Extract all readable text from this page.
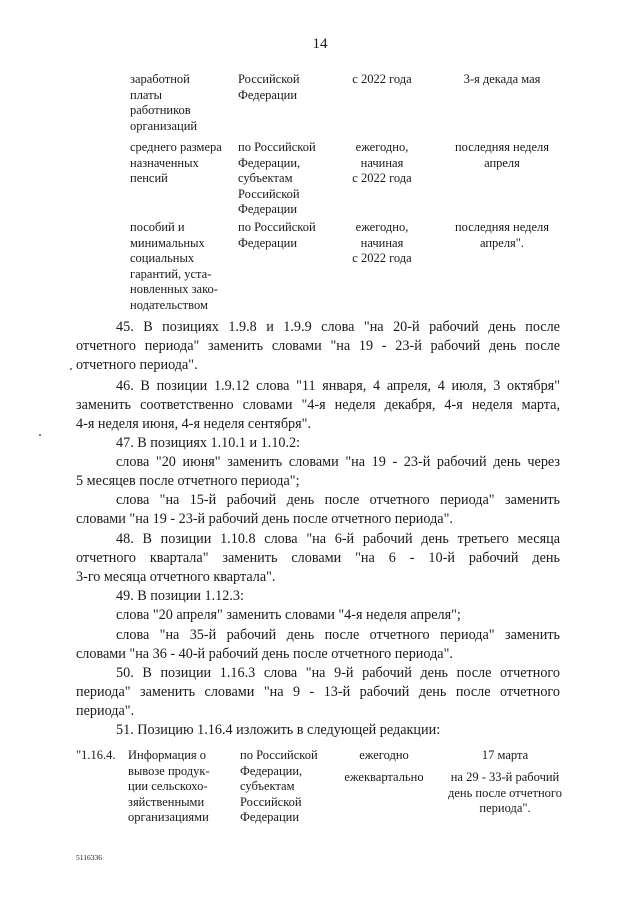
14
заработной
платы
работников
организаций
Российской
Федерации
с 2022 года	3-я декада мая
среднего размера
назначенных
пенсий
по Российской
Федерации,
субъектам
Российской
Федерации
ежегодно,
начиная
с 2022 года
последняя неделя
апреля
пособий и
минимальных
социальных
гарантий, уста-
новленных зако-
нодательством
по Российской
Федерации
ежегодно,
начиная
с 2022 года
последняя неделя
апреля".
45. В позициях 1.9.8 и 1.9.9 слова "на 20-й рабочий день после
отчетного периода" заменить словами "на 19 - 23-й рабочий день после
отчетного периода".
46. В позиции 1.9.12 слова "11 января, 4 апреля, 4 июля, 3 октября"
заменить соответственно словами "4-я неделя декабря, 4-я неделя марта,
4-я неделя июня, 4-я неделя сентября".
47. В позициях 1.10.1 и 1.10.2:
слова "20 июня" заменить словами "на 19 - 23-й рабочий день через
5 месяцев после отчетного периода";
слова "на 15-й рабочий день после отчетного периода" заменить
словами "на 19 - 23-й рабочий день после отчетного периода".
48. В позиции 1.10.8 слова "на 6-й рабочий день третьего месяца
отчетного квартала" заменить словами "на 6 - 10-й рабочий день
3-го месяца отчетного квартала".
49. В позиции 1.12.3:
слова "20 апреля" заменить словами "4-я неделя апреля";
слова "на 35-й рабочий день после отчетного периода" заменить
словами "на 36 - 40-й рабочий день после отчетного периода".
50. В позиции 1.16.3 слова "на 9-й рабочий день после отчетного
периода" заменить словами "на 9 - 13-й рабочий день после отчетного
периода".
51. Позицию 1.16.4 изложить в следующей редакции:
"1.16.4.	Информация о
вывозе продук-
ции сельскохо-
зяйственными
организациями
по Российской
Федерации,
субъектам
Российской
Федерации
ежегодно
ежеквартально
17 марта
на 29 - 33-й рабочий
день после отчетного
периода".
5116336
